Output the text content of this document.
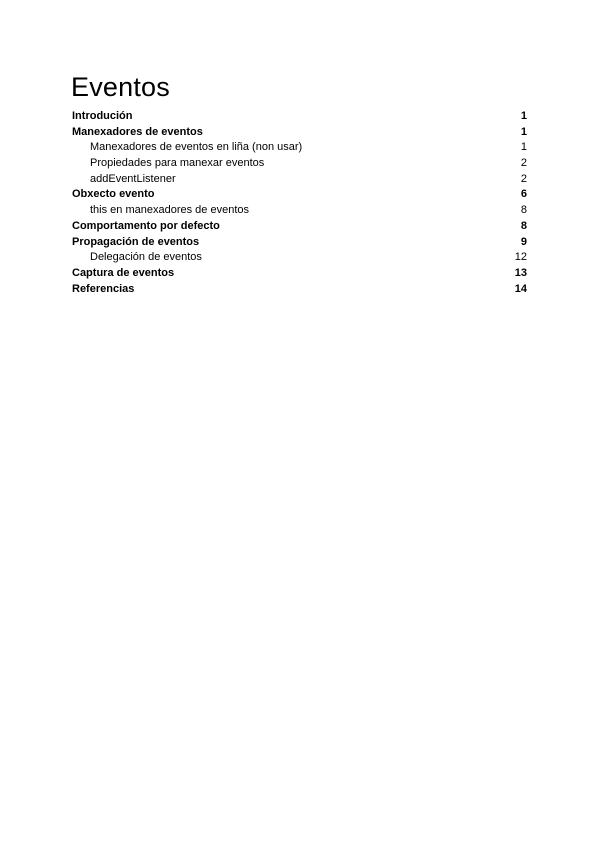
Eventos
Introdución	1
Manexadores de eventos	1
Manexadores de eventos en liña (non usar)	1
Propiedades para manexar eventos	2
addEventListener	2
Obxecto evento	6
this en manexadores de eventos	8
Comportamento por defecto	8
Propagación de eventos	9
Delegación de eventos	12
Captura de eventos	13
Referencias	14
